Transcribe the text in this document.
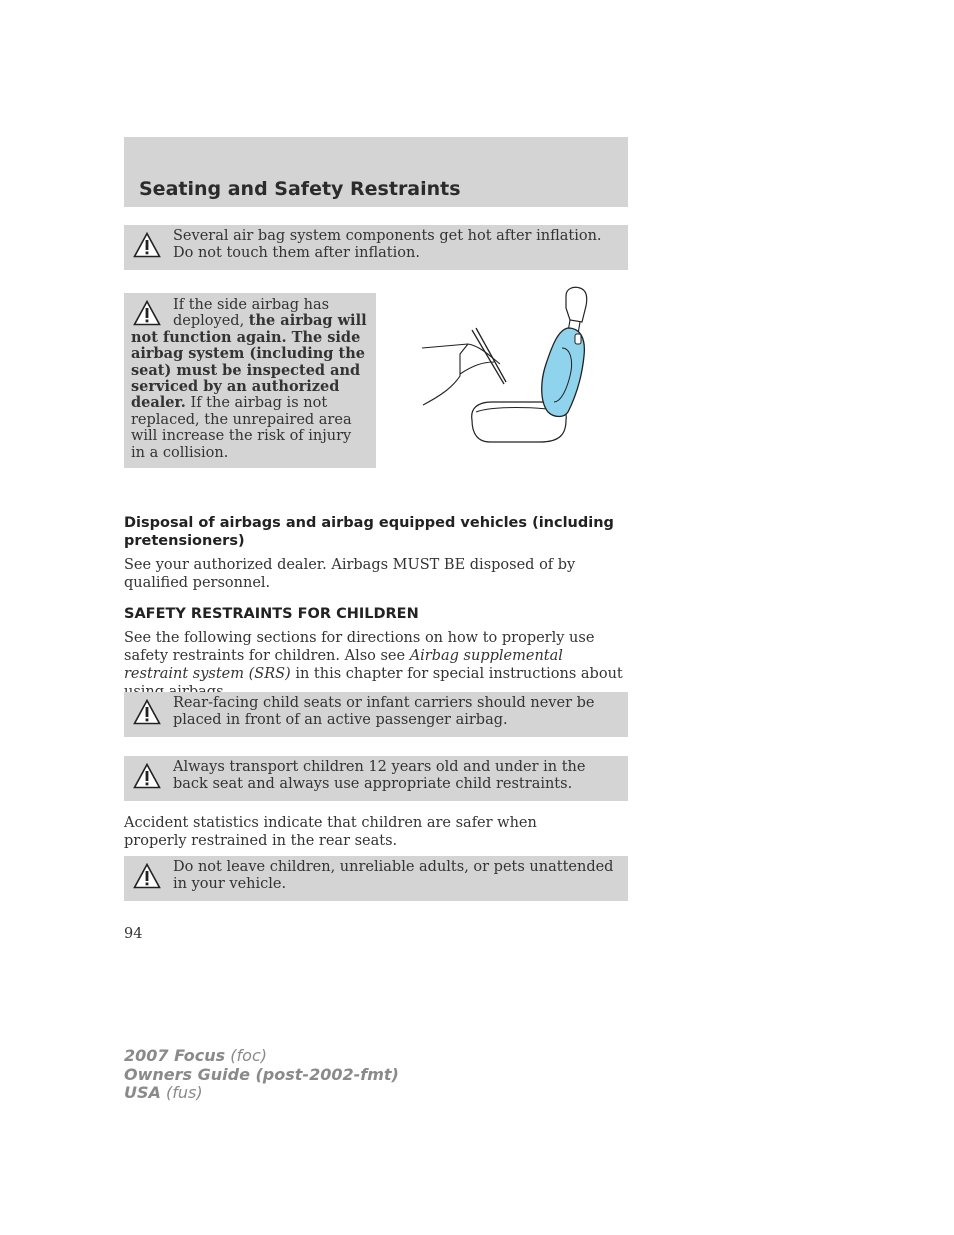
Seating and Safety Restraints
Several air bag system components get hot after inflation. Do not touch them after inflation.
If the side airbag has
deployed, the airbag will
not function again. The side airbag system (including the seat) must be inspected and serviced by an authorized dealer. If the airbag is not replaced, the unrepaired area will increase the risk of injury in a collision.
Disposal of airbags and airbag equipped vehicles (including pretensioners)

See your authorized dealer. Airbags MUST BE disposed of by qualified personnel.

SAFETY RESTRAINTS FOR CHILDREN

See the following sections for directions on how to properly use safety restraints for children. Also see Airbag supplemental restraint system (SRS) in this chapter for special instructions about

Rear-facing child seats or infant carriers should never be placed in front of an active passenger airbag.
Always transport children 12 years old and under in the back seat and always use appropriate child restraints.

Accident statistics indicate that children are safer when properly restrained in the rear seats.

Do not leave children, unreliable adults, or pets unattended in your vehicle.
94
2007 Focus (foc)
Owners Guide (post-2002-fmt)
USA (fus)
